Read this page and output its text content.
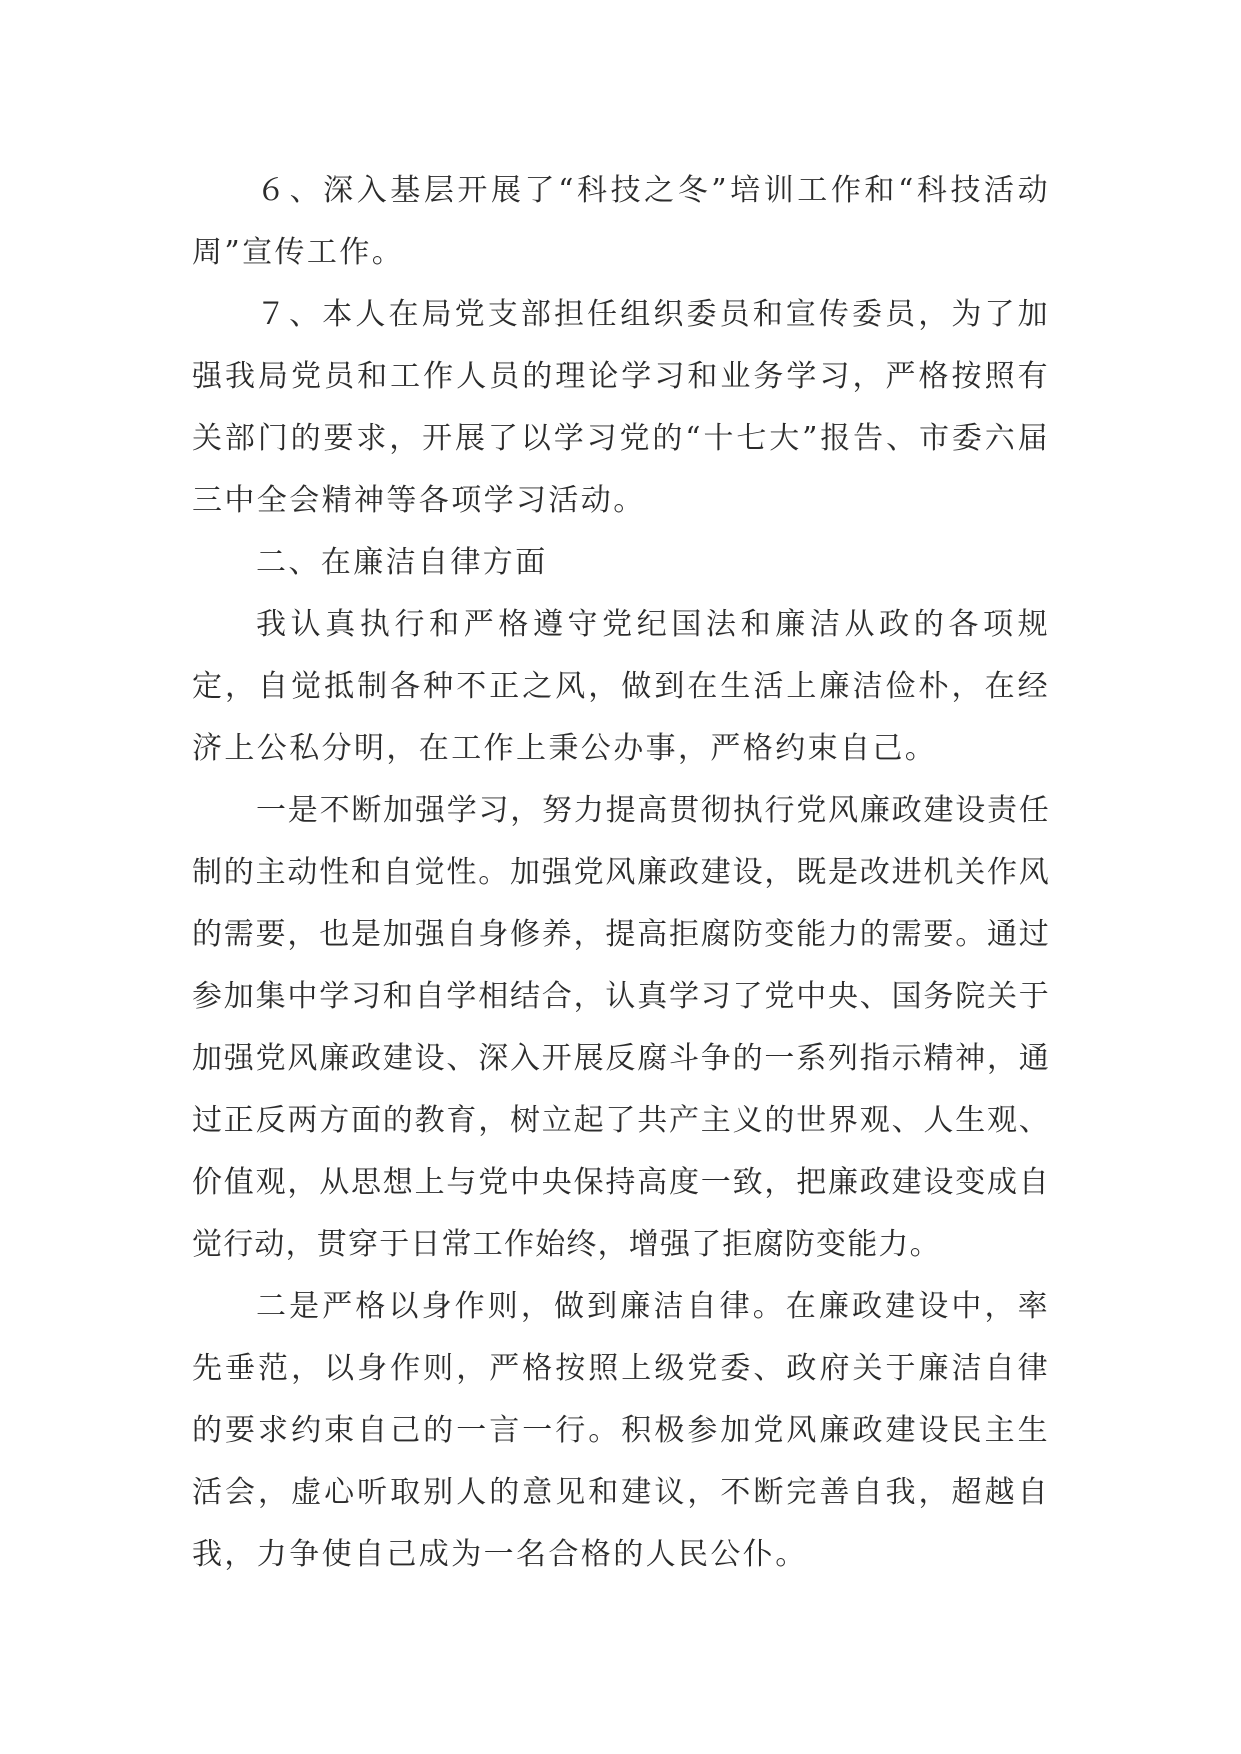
６、深入基层开展了“科技之冬”培训工作和“科技活动周”宣传工作。

７、本人在局党支部担任组织委员和宣传委员，为了加强我局党员和工作人员的理论学习和业务学习，严格按照有关部门的要求，开展了以学习党的“十七大”报告、市委六届三中全会精神等各项学习活动。

二、在廉洁自律方面

我认真执行和严格遵守党纪国法和廉洁从政的各项规定，自觉抵制各种不正之风，做到在生活上廉洁俭朴，在经济上公私分明，在工作上秉公办事，严格约束自己。

一是不断加强学习，努力提高贯彻执行党风廉政建设责任制的主动性和自觉性。加强党风廉政建设，既是改进机关作风的需要，也是加强自身修养，提高拒腐防变能力的需要。通过参加集中学习和自学相结合，认真学习了党中央、国务院关于加强党风廉政建设、深入开展反腐斗争的一系列指示精神，通过正反两方面的教育，树立起了共产主义的世界观、人生观、价值观，从思想上与党中央保持高度一致，把廉政建设变成自觉行动，贯穿于日常工作始终，增强了拒腐防变能力。

二是严格以身作则，做到廉洁自律。在廉政建设中，率先垂范，以身作则，严格按照上级党委、政府关于廉洁自律的要求约束自己的一言一行。积极参加党风廉政建设民主生活会，虚心听取别人的意见和建议，不断完善自我，超越自我，力争使自己成为一名合格的人民公仆。
